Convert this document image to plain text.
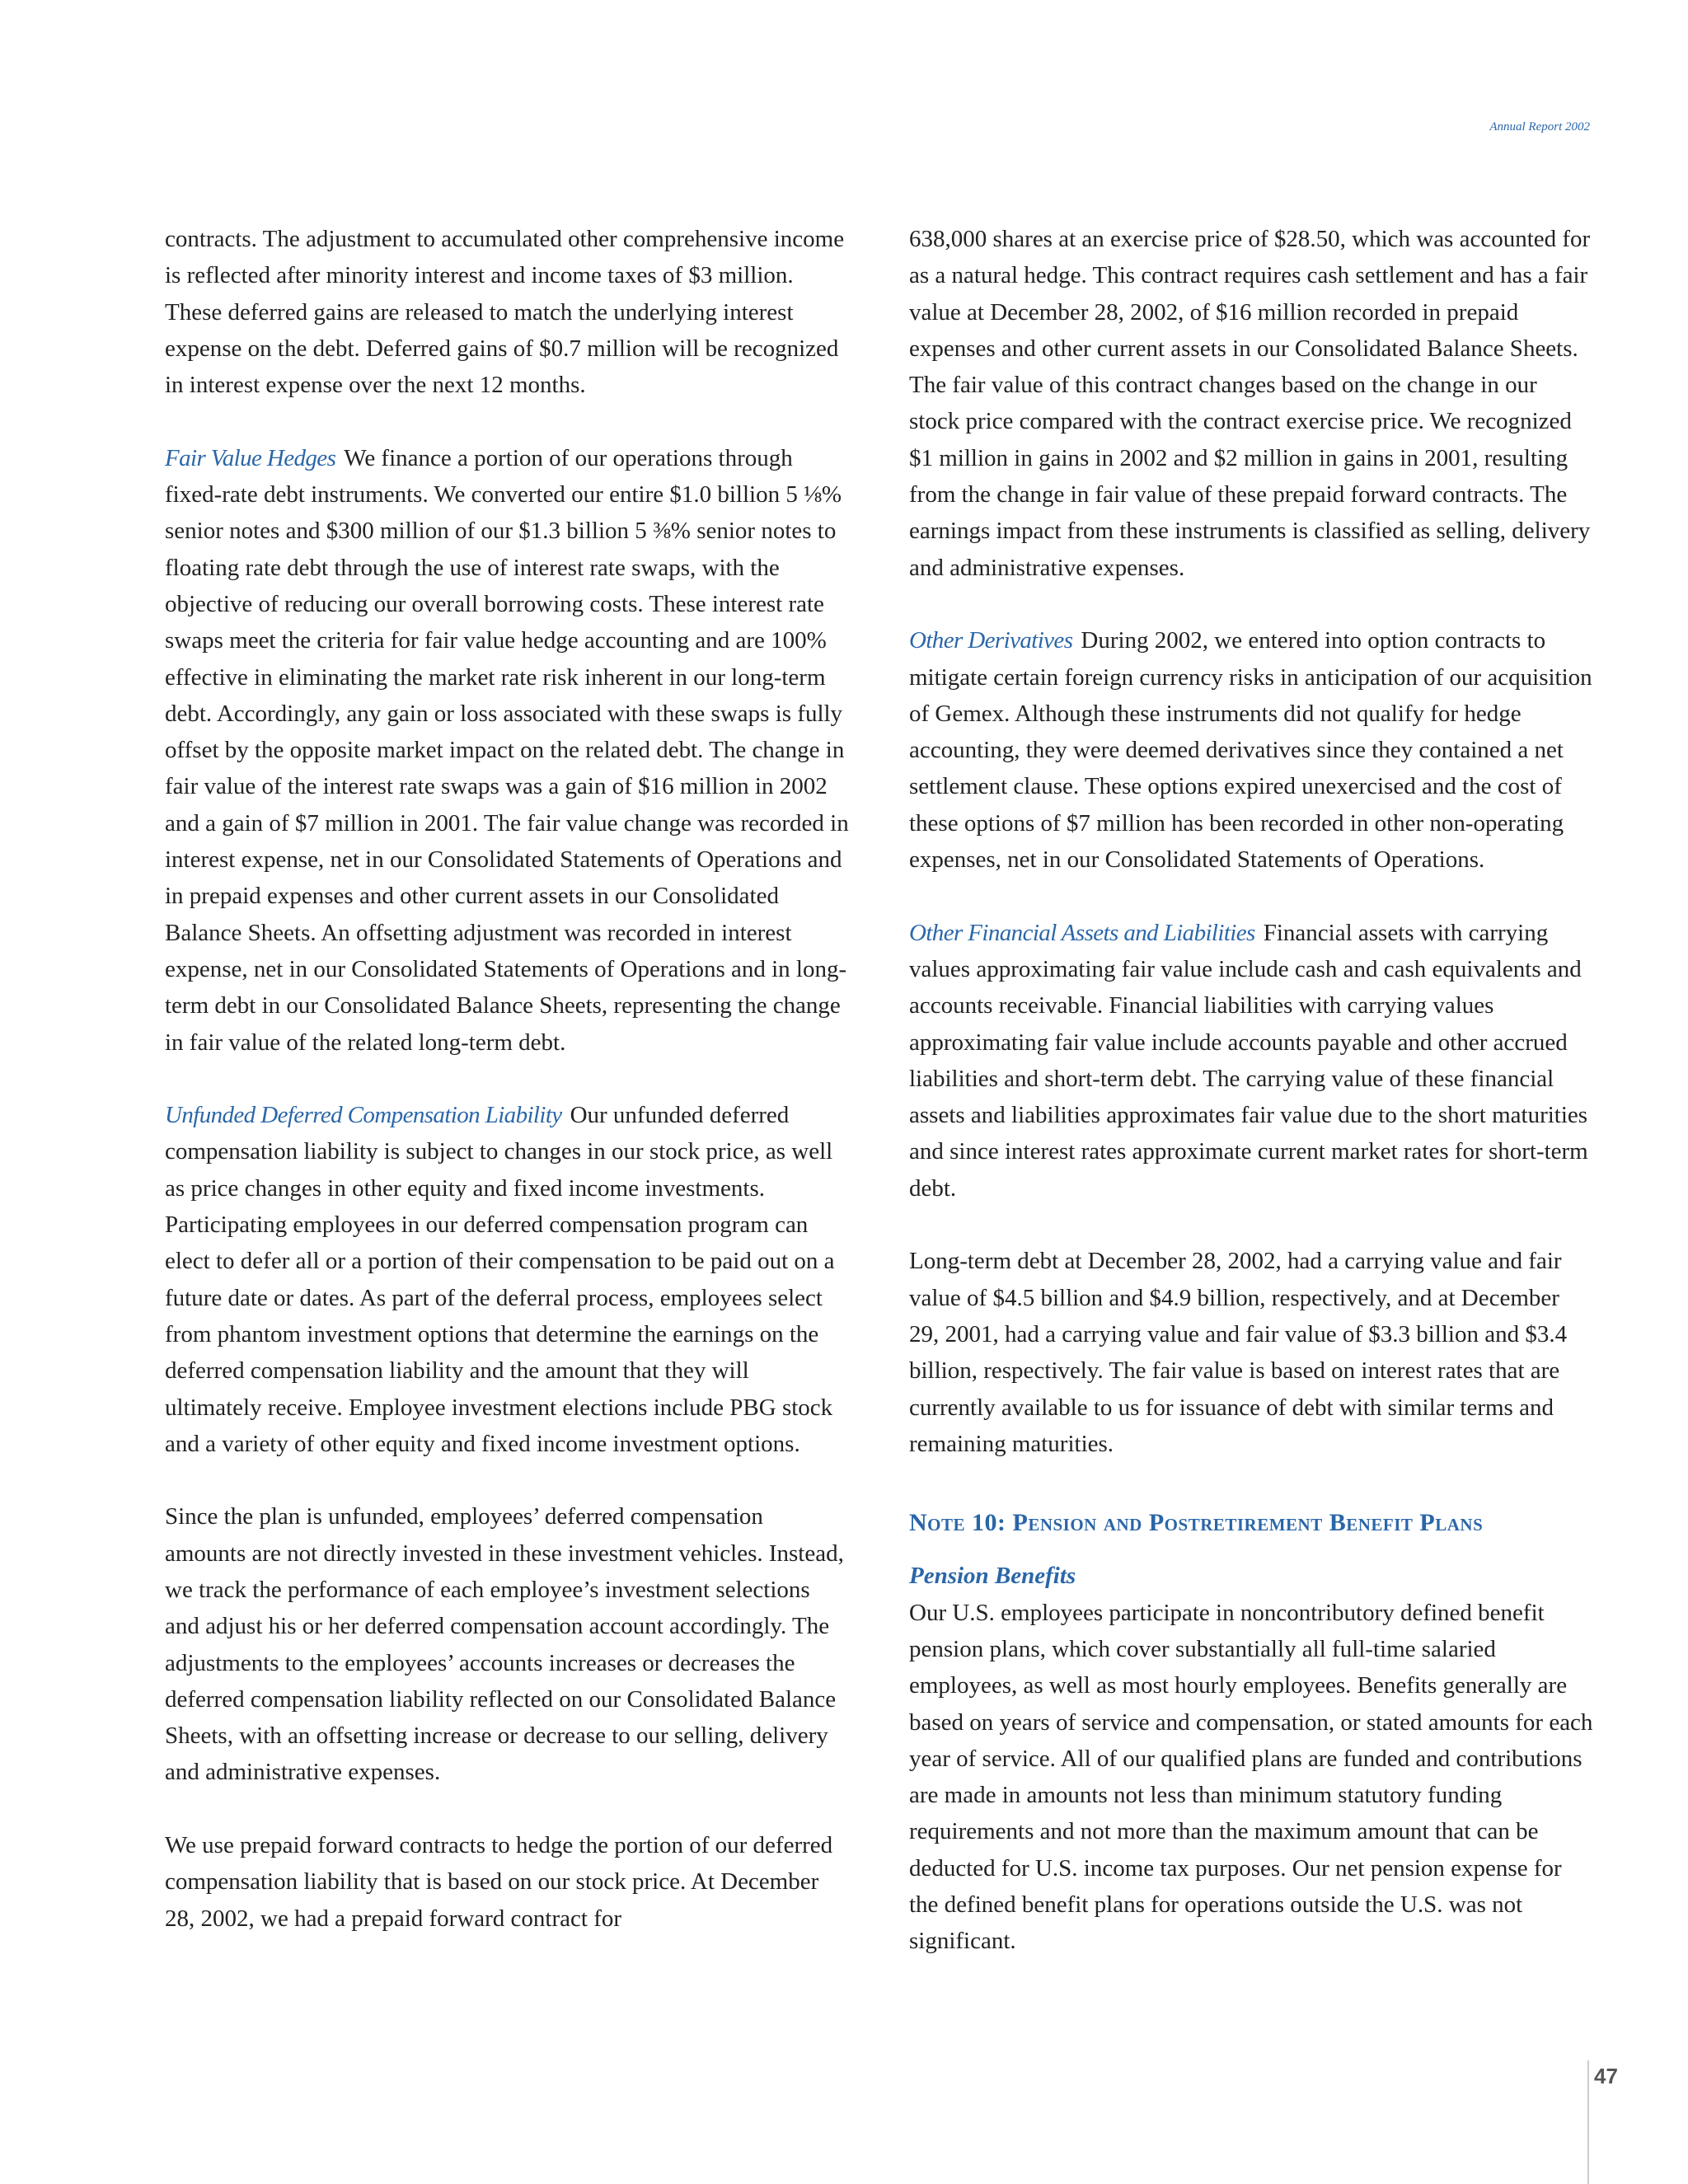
Annual Report 2002

contracts. The adjustment to accumulated other comprehensive income is reflected after minority interest and income taxes of $3 million. These deferred gains are released to match the underlying interest expense on the debt. Deferred gains of $0.7 million will be recognized in interest expense over the next 12 months.

Fair Value Hedges We finance a portion of our operations through fixed-rate debt instruments. We converted our entire $1.0 billion 5 ⅛% senior notes and $300 million of our $1.3 billion 5 ⅜% senior notes to floating rate debt through the use of interest rate swaps, with the objective of reducing our overall borrowing costs. These interest rate swaps meet the criteria for fair value hedge accounting and are 100% effective in eliminating the market rate risk inherent in our long-term debt. Accordingly, any gain or loss associated with these swaps is fully offset by the opposite market impact on the related debt. The change in fair value of the interest rate swaps was a gain of $16 million in 2002 and a gain of $7 million in 2001. The fair value change was recorded in interest expense, net in our Consolidated Statements of Operations and in prepaid expenses and other current assets in our Consolidated Balance Sheets. An offsetting adjustment was recorded in interest expense, net in our Consolidated Statements of Operations and in long-term debt in our Consolidated Balance Sheets, representing the change in fair value of the related long-term debt.

Unfunded Deferred Compensation Liability Our unfunded deferred compensation liability is subject to changes in our stock price, as well as price changes in other equity and fixed income investments. Participating employees in our deferred compensation program can elect to defer all or a portion of their compensation to be paid out on a future date or dates. As part of the deferral process, employees select from phantom investment options that determine the earnings on the deferred compensation liability and the amount that they will ultimately receive. Employee investment elections include PBG stock and a variety of other equity and fixed income investment options.

Since the plan is unfunded, employees’ deferred compensation amounts are not directly invested in these investment vehicles. Instead, we track the performance of each employee’s investment selections and adjust his or her deferred compensation account accordingly. The adjustments to the employees’ accounts increases or decreases the deferred compensation liability reflected on our Consolidated Balance Sheets, with an offsetting increase or decrease to our selling, delivery and administrative expenses.

We use prepaid forward contracts to hedge the portion of our deferred compensation liability that is based on our stock price. At December 28, 2002, we had a prepaid forward contract for

638,000 shares at an exercise price of $28.50, which was accounted for as a natural hedge. This contract requires cash settlement and has a fair value at December 28, 2002, of $16 million recorded in prepaid expenses and other current assets in our Consolidated Balance Sheets. The fair value of this contract changes based on the change in our stock price compared with the contract exercise price. We recognized $1 million in gains in 2002 and $2 million in gains in 2001, resulting from the change in fair value of these prepaid forward contracts. The earnings impact from these instruments is classified as selling, delivery and administrative expenses.

Other Derivatives During 2002, we entered into option contracts to mitigate certain foreign currency risks in anticipation of our acquisition of Gemex. Although these instruments did not qualify for hedge accounting, they were deemed derivatives since they contained a net settlement clause. These options expired unexercised and the cost of these options of $7 million has been recorded in other non-operating expenses, net in our Consolidated Statements of Operations.

Other Financial Assets and Liabilities Financial assets with carrying values approximating fair value include cash and cash equivalents and accounts receivable. Financial liabilities with carrying values approximating fair value include accounts payable and other accrued liabilities and short-term debt. The carrying value of these financial assets and liabilities approximates fair value due to the short maturities and since interest rates approximate current market rates for short-term debt.

Long-term debt at December 28, 2002, had a carrying value and fair value of $4.5 billion and $4.9 billion, respectively, and at December 29, 2001, had a carrying value and fair value of $3.3 billion and $3.4 billion, respectively. The fair value is based on interest rates that are currently available to us for issuance of debt with similar terms and remaining maturities.

Note 10: Pension and Postretirement Benefit Plans

Pension Benefits

Our U.S. employees participate in noncontributory defined benefit pension plans, which cover substantially all full-time salaried employees, as well as most hourly employees. Benefits generally are based on years of service and compensation, or stated amounts for each year of service. All of our qualified plans are funded and contributions are made in amounts not less than minimum statutory funding requirements and not more than the maximum amount that can be deducted for U.S. income tax purposes. Our net pension expense for the defined benefit plans for operations outside the U.S. was not significant.

47
